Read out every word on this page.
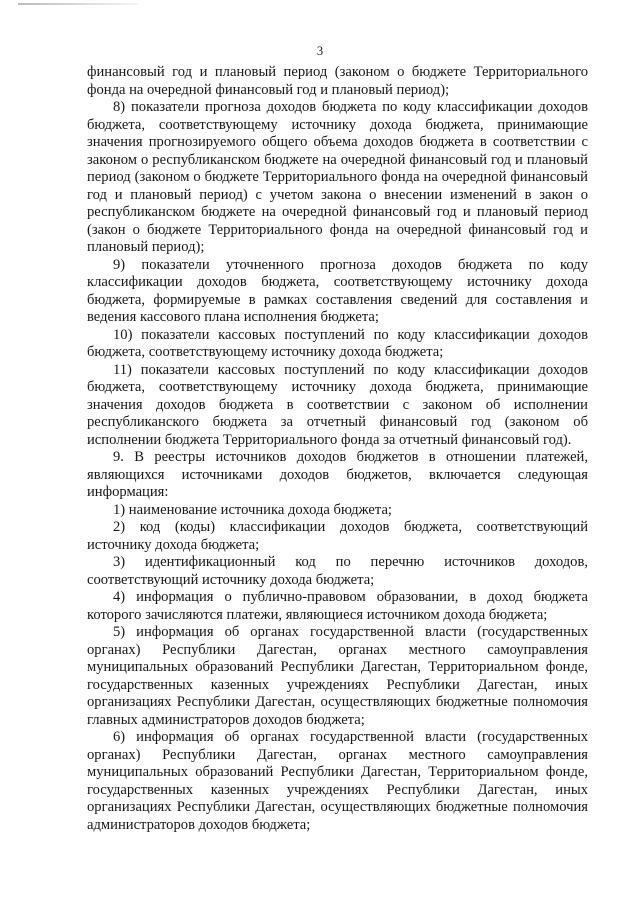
3

финансовый год и плановый период (законом о бюджете Территориального фонда на очередной финансовый год и плановый период);

8) показатели прогноза доходов бюджета по коду классификации доходов бюджета, соответствующему источнику дохода бюджета, принимающие значения прогнозируемого общего объема доходов бюджета в соответствии с законом о республиканском бюджете на очередной финансовый год и плановый период (законом о бюджете Территориального фонда на очередной финансовый год и плановый период) с учетом закона о внесении изменений в закон о республиканском бюджете на очередной финансовый год и плановый период (закон о бюджете Территориального фонда на очередной финансовый год и плановый период);

9) показатели уточненного прогноза доходов бюджета по коду классификации доходов бюджета, соответствующему источнику дохода бюджета, формируемые в рамках составления сведений для составления и ведения кассового плана исполнения бюджета;

10) показатели кассовых поступлений по коду классификации доходов бюджета, соответствующему источнику дохода бюджета;

11) показатели кассовых поступлений по коду классификации доходов бюджета, соответствующему источнику дохода бюджета, принимающие значения доходов бюджета в соответствии с законом об исполнении республиканского бюджета за отчетный финансовый год (законом об исполнении бюджета Территориального фонда за отчетный финансовый год).

9. В реестры источников доходов бюджетов в отношении платежей, являющихся источниками доходов бюджетов, включается следующая информация:

1) наименование источника дохода бюджета;

2) код (коды) классификации доходов бюджета, соответствующий источнику дохода бюджета;

3) идентификационный код по перечню источников доходов, соответствующий источнику дохода бюджета;

4) информация о публично-правовом образовании, в доход бюджета которого зачисляются платежи, являющиеся источником дохода бюджета;

5) информация об органах государственной власти (государственных органах) Республики Дагестан, органах местного самоуправления муниципальных образований Республики Дагестан, Территориальном фонде, государственных казенных учреждениях Республики Дагестан, иных организациях Республики Дагестан, осуществляющих бюджетные полномочия главных администраторов доходов бюджета;

6) информация об органах государственной власти (государственных органах) Республики Дагестан, органах местного самоуправления муниципальных образований Республики Дагестан, Территориальном фонде, государственных казенных учреждениях Республики Дагестан, иных организациях Республики Дагестан, осуществляющих бюджетные полномочия администраторов доходов бюджета;
